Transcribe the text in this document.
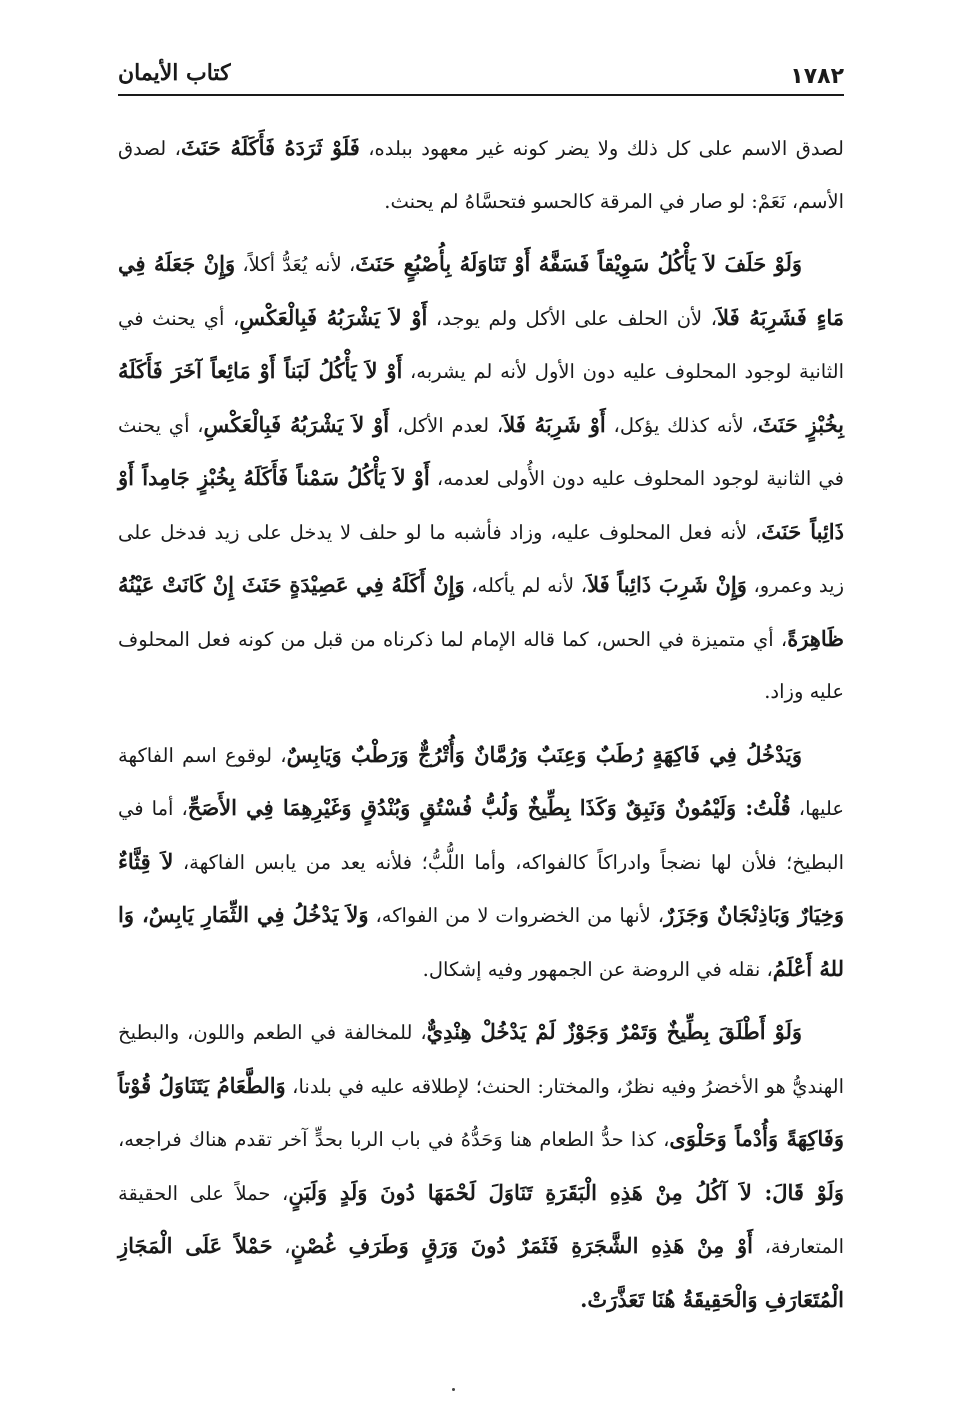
١٧٨٢
كتاب الأيمان

لصدق الاسم على كل ذلك ولا يضر كونه غير معهود ببلده، فَلَوْ ثَرَدَهُ فَأَكَلَهُ حَنَثَ، لصدق الأسم، نَعَمْ: لو صار في المرقة كالحسو فتحسَّاهُ لم يحنث.

وَلَوْ حَلَفَ لاَ يَأْكُلُ سَوِيْقاً فَسَفَّهُ أَوْ تَنَاوَلَهُ بِأُصْبُعٍ حَنَثَ، لأنه يُعَدُّ أكلاً، وَإِنْ جَعَلَهُ فِي مَاءٍ فَشَرِبَهُ فَلاَ، لأن الحلف على الأكل ولم يوجد، أَوْ لاَ يَشْرَبُهُ فَبِالْعَكْسِ، أي يحنث في الثانية لوجود المحلوف عليه دون الأول لأنه لم يشربه، أَوْ لاَ يَأْكُلُ لَبَناً أَوْ مَائِعاً آخَرَ فَأَكَلَهُ بِخُبْزٍ حَنَثَ، لأنه كذلك يؤكل، أَوْ شَرِبَهُ فَلاَ، لعدم الأكل، أَوْ لاَ يَشْرَبُهُ فَبِالْعَكْسِ، أي يحنث في الثانية لوجود المحلوف عليه دون الأُولى لعدمه، أَوْ لاَ يَأْكُلُ سَمْناً فَأَكَلَهُ بِخُبْزٍ جَامِداً أَوْ ذَائِباً حَنَثَ، لأنه فعل المحلوف عليه، وزاد فأشبه ما لو حلف لا يدخل على زيد فدخل على زيد وعمرو، وَإِنْ شَرِبَ ذَائِباً فَلاَ، لأنه لم يأكله، وَإِنْ أَكَلَهُ فِي عَصِيْدَةٍ حَنَثَ إِنْ كَانَتْ عَيْنُهُ ظَاهِرَةً، أي متميزة في الحس، كما قاله الإمام لما ذكرناه من قبل من كونه فعل المحلوف عليه وزاد.

وَيَدْخُلُ فِي فَاكِهَةٍ رُطَبٌ وَعِنَبٌ وَرُمَّانٌ وَأُتْرُجٌّ وَرَطْبٌ وَيَابِسٌ، لوقوع اسم الفاكهة عليها، قُلْتُ: وَلَيْمُونٌ وَنَبِقٌ وَكَذَا بِطِّيخٌ وَلُبُّ فُسْتُقٍ وَبُنْدُقٍ وَغَيْرِهِمَا فِي الأَصَحِّ، أما في البطيخ؛ فلأن لها نضجاً وادراكاً كالفواكه، وأما اللُّبُّ؛ فلأنه يعد من يابس الفاكهة، لاَ قِثَّاءٌ وَخِيَارٌ وَبَاذِنْجَانٌ وَجَزَرٌ، لأنها من الخضروات لا من الفواكه، وَلاَ يَدْخُلُ فِي الثِّمَارِ يَابِسٌ، وَا للهُ أَعْلَمُ، نقله في الروضة عن الجمهور وفيه إشكال.

وَلَوْ أَطْلَقَ بِطِّيخٌ وَتَمْرٌ وَجَوْزٌ لَمْ يَدْخُلْ هِنْدِيٌّ، للمخالفة في الطعم واللون، والبطيخ الهنديُّ هو الأخضرُ وفيه نظرٌ، والمختار: الحنث؛ لإطلاقه عليه في بلدنا، وَالطَّعَامُ يَتَنَاوَلُ قُوْتاً وَفَاكِهَةً وَأُدْماً وَحَلْوَى، كذا حدُّ الطعام هنا وَحَدُّهُ في باب الربا بحدٍّ آخر تقدم هناك فراجعه، وَلَوْ قَالَ: لاَ آكُلُ مِنْ هَذِهِ الْبَقَرَةِ تَنَاوَلَ لَحْمَهَا دُونَ وَلَدٍ وَلَبَنٍ، حملاً على الحقيقة المتعارفة، أَوْ مِنْ هَذِهِ الشَّجَرَةِ فَثَمَرٌ دُونَ وَرَقٍ وَطَرَفِ غُصْنٍ، حَمْلاً عَلَى الْمَجَازِ الْمُتَعَارَفِ وَالْحَقِيقَةُ هُنَا تَعَذَّرَتْ.
